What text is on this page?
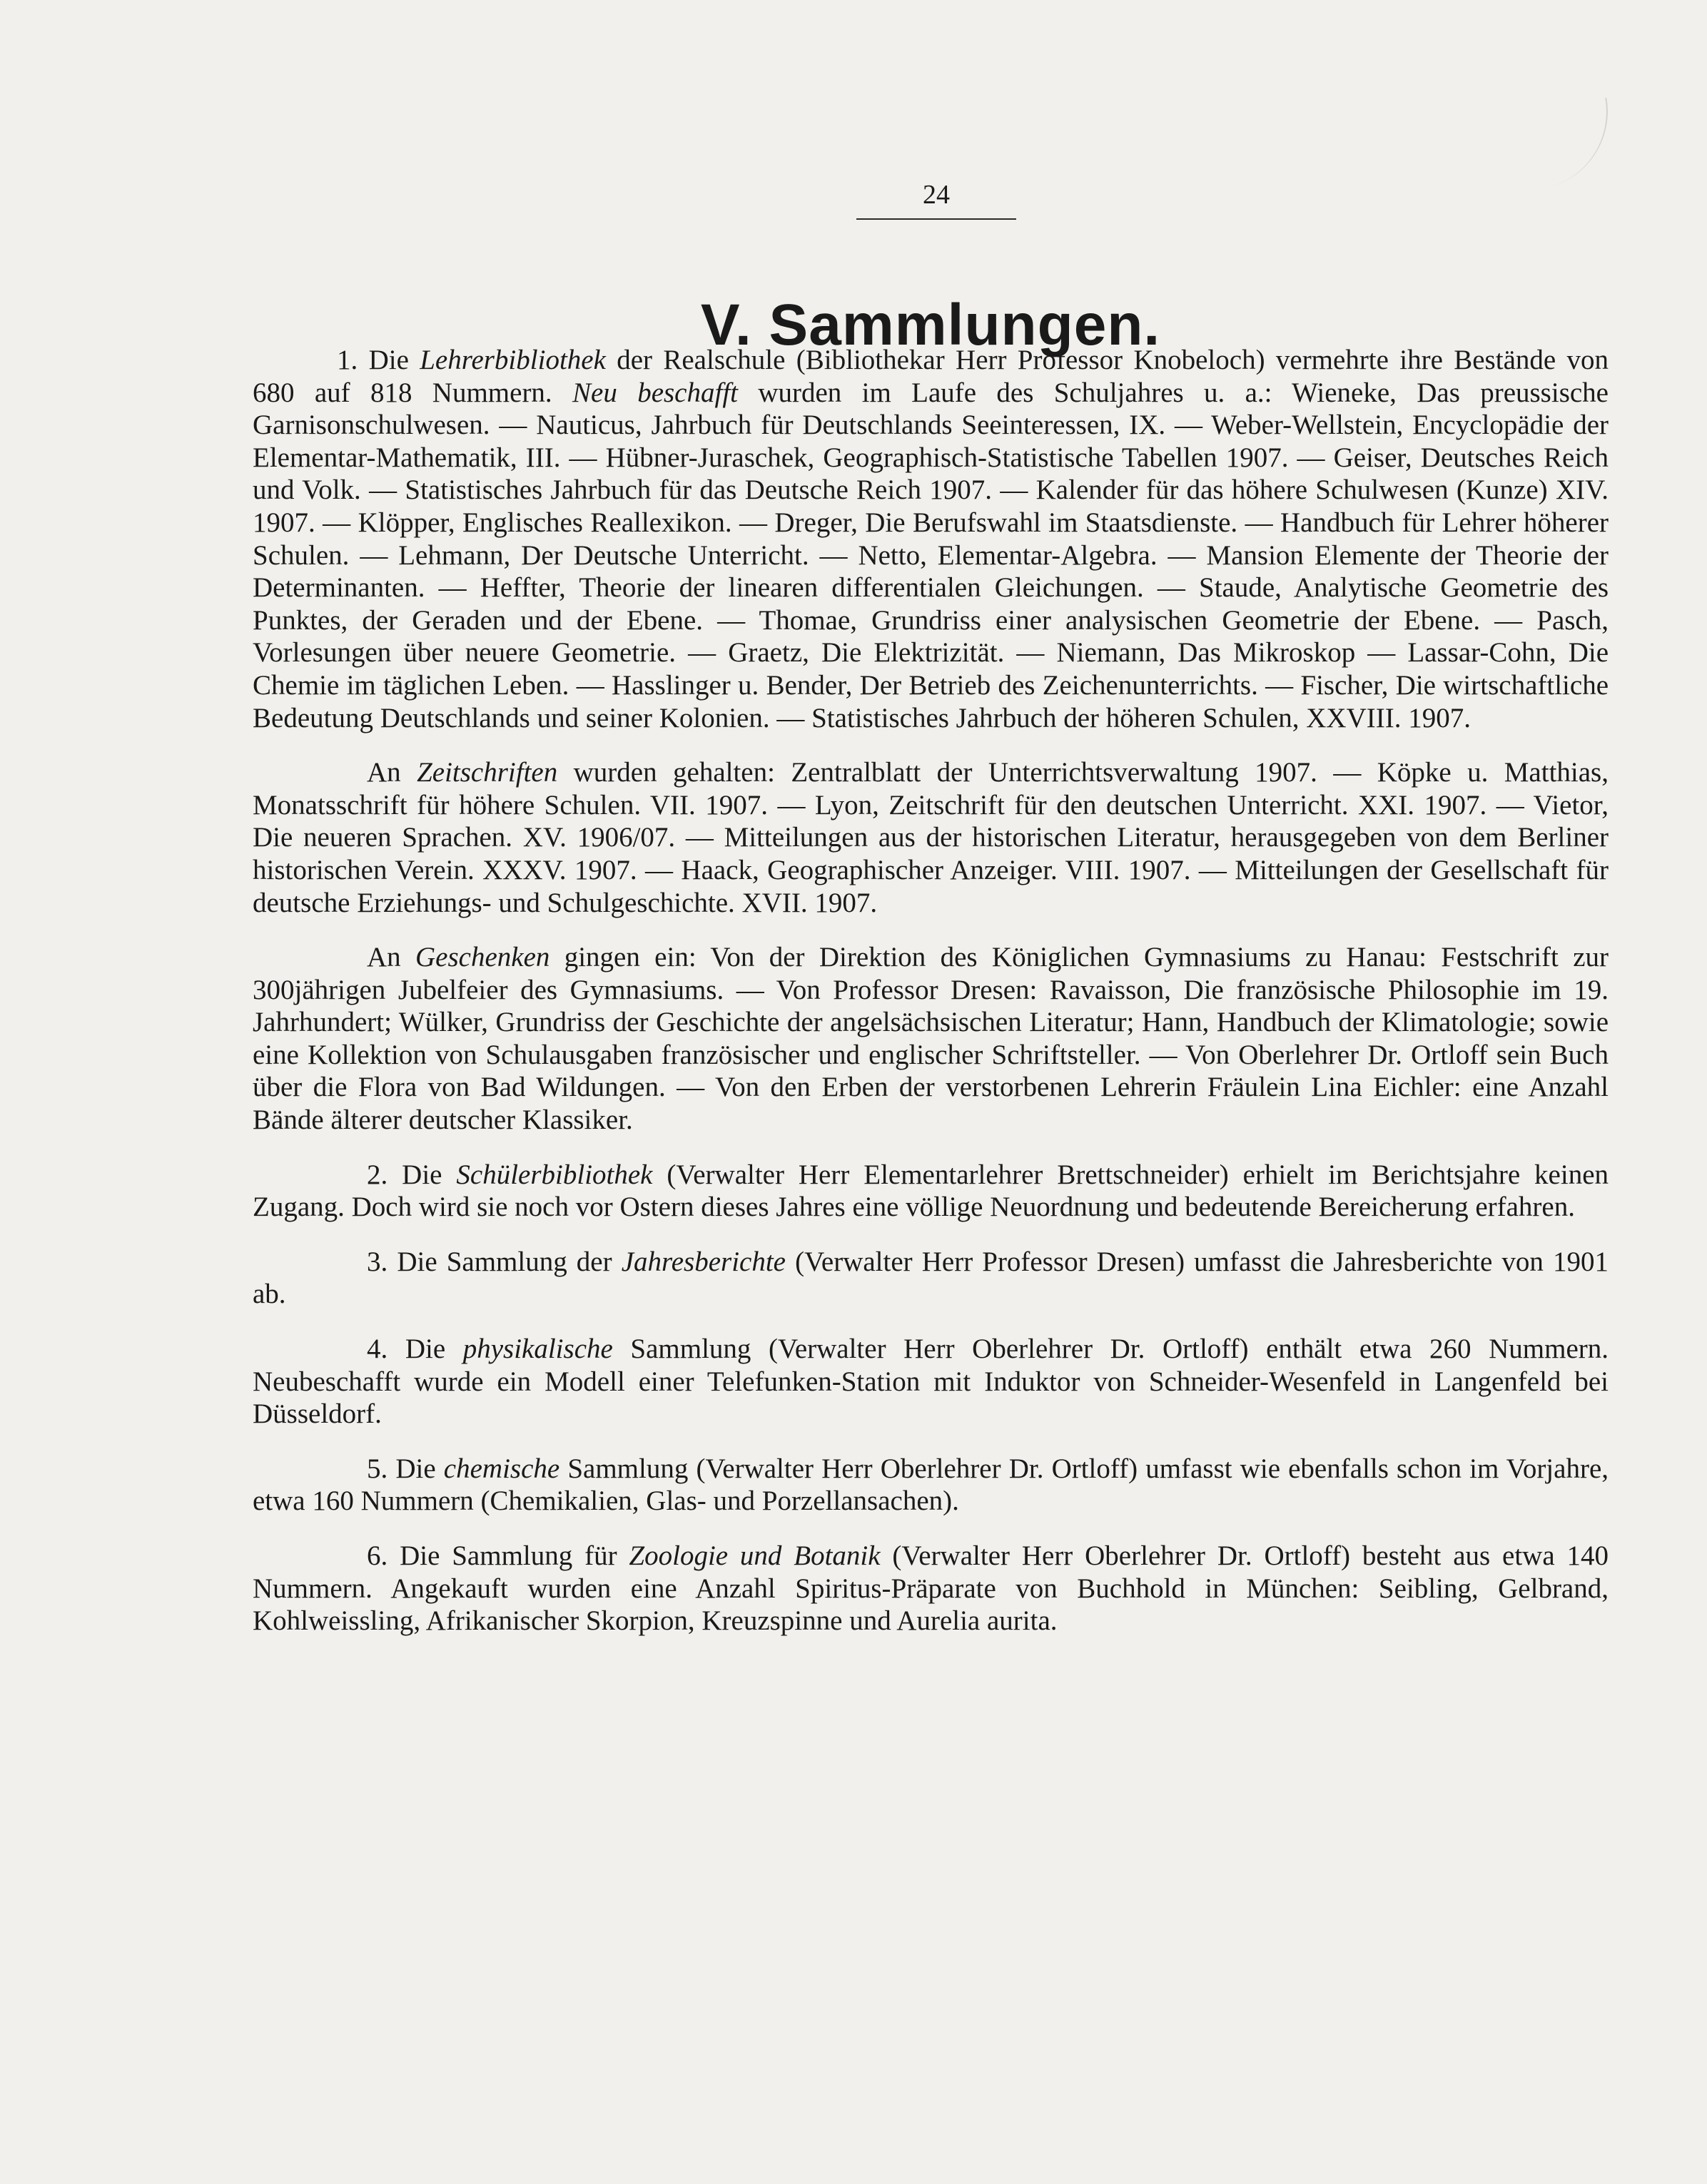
24
V. Sammlungen.

1. Die Lehrerbibliothek der Realschule (Bibliothekar Herr Professor Knobeloch) vermehrte ihre Bestände von 680 auf 818 Nummern. Neu beschafft wurden im Laufe des Schuljahres u. a.: Wieneke, Das preussische Garnisonschulwesen. — Nauticus, Jahrbuch für Deutschlands Seeinteressen, IX. — Weber-Wellstein, Encyclopädie der Elementar-Mathematik, III. — Hübner-Juraschek, Geographisch-Statistische Tabellen 1907. — Geiser, Deutsches Reich und Volk. — Statistisches Jahrbuch für das Deutsche Reich 1907. — Kalender für das höhere Schulwesen (Kunze) XIV. 1907. — Klöpper, Englisches Reallexikon. — Dreger, Die Berufswahl im Staatsdienste. — Handbuch für Lehrer höherer Schulen. — Lehmann, Der Deutsche Unterricht. — Netto, Elementar-Algebra. — Mansion Elemente der Theorie der Determinanten. — Heffter, Theorie der linearen differentialen Gleichungen. — Staude, Analytische Geometrie des Punktes, der Geraden und der Ebene. — Thomae, Grundriss einer analysischen Geometrie der Ebene. — Pasch, Vorlesungen über neuere Geometrie. — Graetz, Die Elektrizität. — Niemann, Das Mikroskop — Lassar-Cohn, Die Chemie im täglichen Leben. — Hasslinger u. Bender, Der Betrieb des Zeichenunterrichts. — Fischer, Die wirtschaftliche Bedeutung Deutschlands und seiner Kolonien. — Statistisches Jahrbuch der höheren Schulen, XXVIII. 1907.

An Zeitschriften wurden gehalten: Zentralblatt der Unterrichtsverwaltung 1907. — Köpke u. Matthias, Monatsschrift für höhere Schulen. VII. 1907. — Lyon, Zeitschrift für den deutschen Unterricht. XXI. 1907. — Vietor, Die neueren Sprachen. XV. 1906/07. — Mitteilungen aus der historischen Literatur, herausgegeben von dem Berliner historischen Verein. XXXV. 1907. — Haack, Geographischer Anzeiger. VIII. 1907. — Mitteilungen der Gesellschaft für deutsche Erziehungs- und Schulgeschichte. XVII. 1907.

An Geschenken gingen ein: Von der Direktion des Königlichen Gymnasiums zu Hanau: Festschrift zur 300jährigen Jubelfeier des Gymnasiums. — Von Professor Dresen: Ravaisson, Die französische Philosophie im 19. Jahrhundert; Wülker, Grundriss der Geschichte der angelsächsischen Literatur; Hann, Handbuch der Klimatologie; sowie eine Kollektion von Schulausgaben französischer und englischer Schriftsteller. — Von Oberlehrer Dr. Ortloff sein Buch über die Flora von Bad Wildungen. — Von den Erben der verstorbenen Lehrerin Fräulein Lina Eichler: eine Anzahl Bände älterer deutscher Klassiker.

2. Die Schülerbibliothek (Verwalter Herr Elementarlehrer Brettschneider) erhielt im Berichtsjahre keinen Zugang. Doch wird sie noch vor Ostern dieses Jahres eine völlige Neuordnung und bedeutende Bereicherung erfahren.

3. Die Sammlung der Jahresberichte (Verwalter Herr Professor Dresen) umfasst die Jahresberichte von 1901 ab.

4. Die physikalische Sammlung (Verwalter Herr Oberlehrer Dr. Ortloff) enthält etwa 260 Nummern. Neubeschafft wurde ein Modell einer Telefunken-Station mit Induktor von Schneider-Wesenfeld in Langenfeld bei Düsseldorf.

5. Die chemische Sammlung (Verwalter Herr Oberlehrer Dr. Ortloff) umfasst wie ebenfalls schon im Vorjahre, etwa 160 Nummern (Chemikalien, Glas- und Porzellansachen).

6. Die Sammlung für Zoologie und Botanik (Verwalter Herr Oberlehrer Dr. Ortloff) besteht aus etwa 140 Nummern. Angekauft wurden eine Anzahl Spiritus-Präparate von Buchhold in München: Seibling, Gelbrand, Kohlweissling, Afrikanischer Skorpion, Kreuzspinne und Aurelia aurita.
